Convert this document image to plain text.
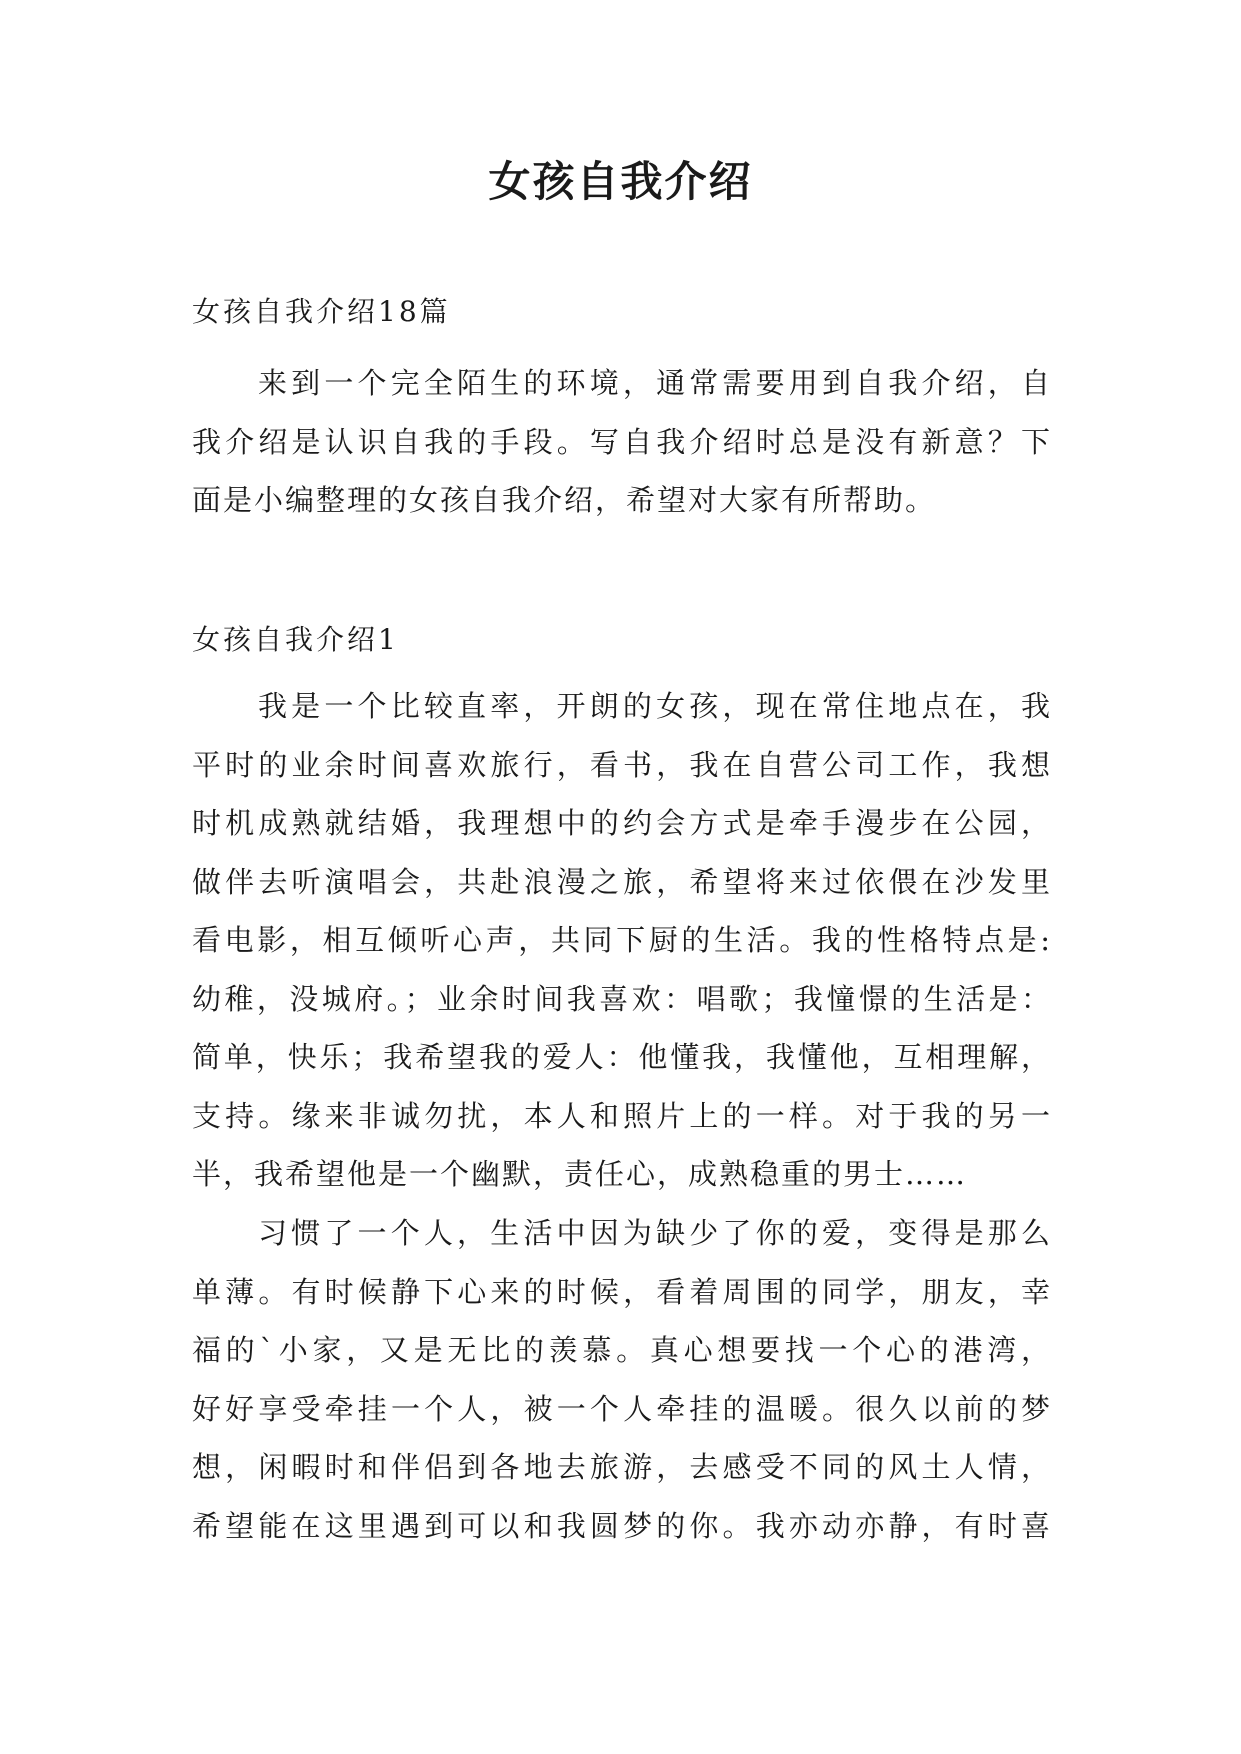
女孩自我介绍

女孩自我介绍18篇

来到一个完全陌生的环境，通常需要用到自我介绍，自
我介绍是认识自我的手段。写自我介绍时总是没有新意？下
面是小编整理的女孩自我介绍，希望对大家有所帮助。

女孩自我介绍1

我是一个比较直率，开朗的女孩，现在常住地点在，我
平时的业余时间喜欢旅行，看书，我在自营公司工作，我想
时机成熟就结婚，我理想中的约会方式是牵手漫步在公园，
做伴去听演唱会，共赴浪漫之旅，希望将来过依偎在沙发里
看电影，相互倾听心声，共同下厨的生活。我的性格特点是:
幼稚，没城府。；业余时间我喜欢：唱歌；我憧憬的生活是：
简单，快乐；我希望我的爱人：他懂我，我懂他，互相理解，
支持。缘来非诚勿扰，本人和照片上的一样。对于我的另一
半，我希望他是一个幽默，责任心，成熟稳重的男士……
习惯了一个人，生活中因为缺少了你的爱，变得是那么
单薄。有时候静下心来的时候，看着周围的同学，朋友，幸
福的`小家，又是无比的羡慕。真心想要找一个心的港湾，
好好享受牵挂一个人，被一个人牵挂的温暖。很久以前的梦
想，闲暇时和伴侣到各地去旅游，去感受不同的风土人情，
希望能在这里遇到可以和我圆梦的你。我亦动亦静，有时喜
